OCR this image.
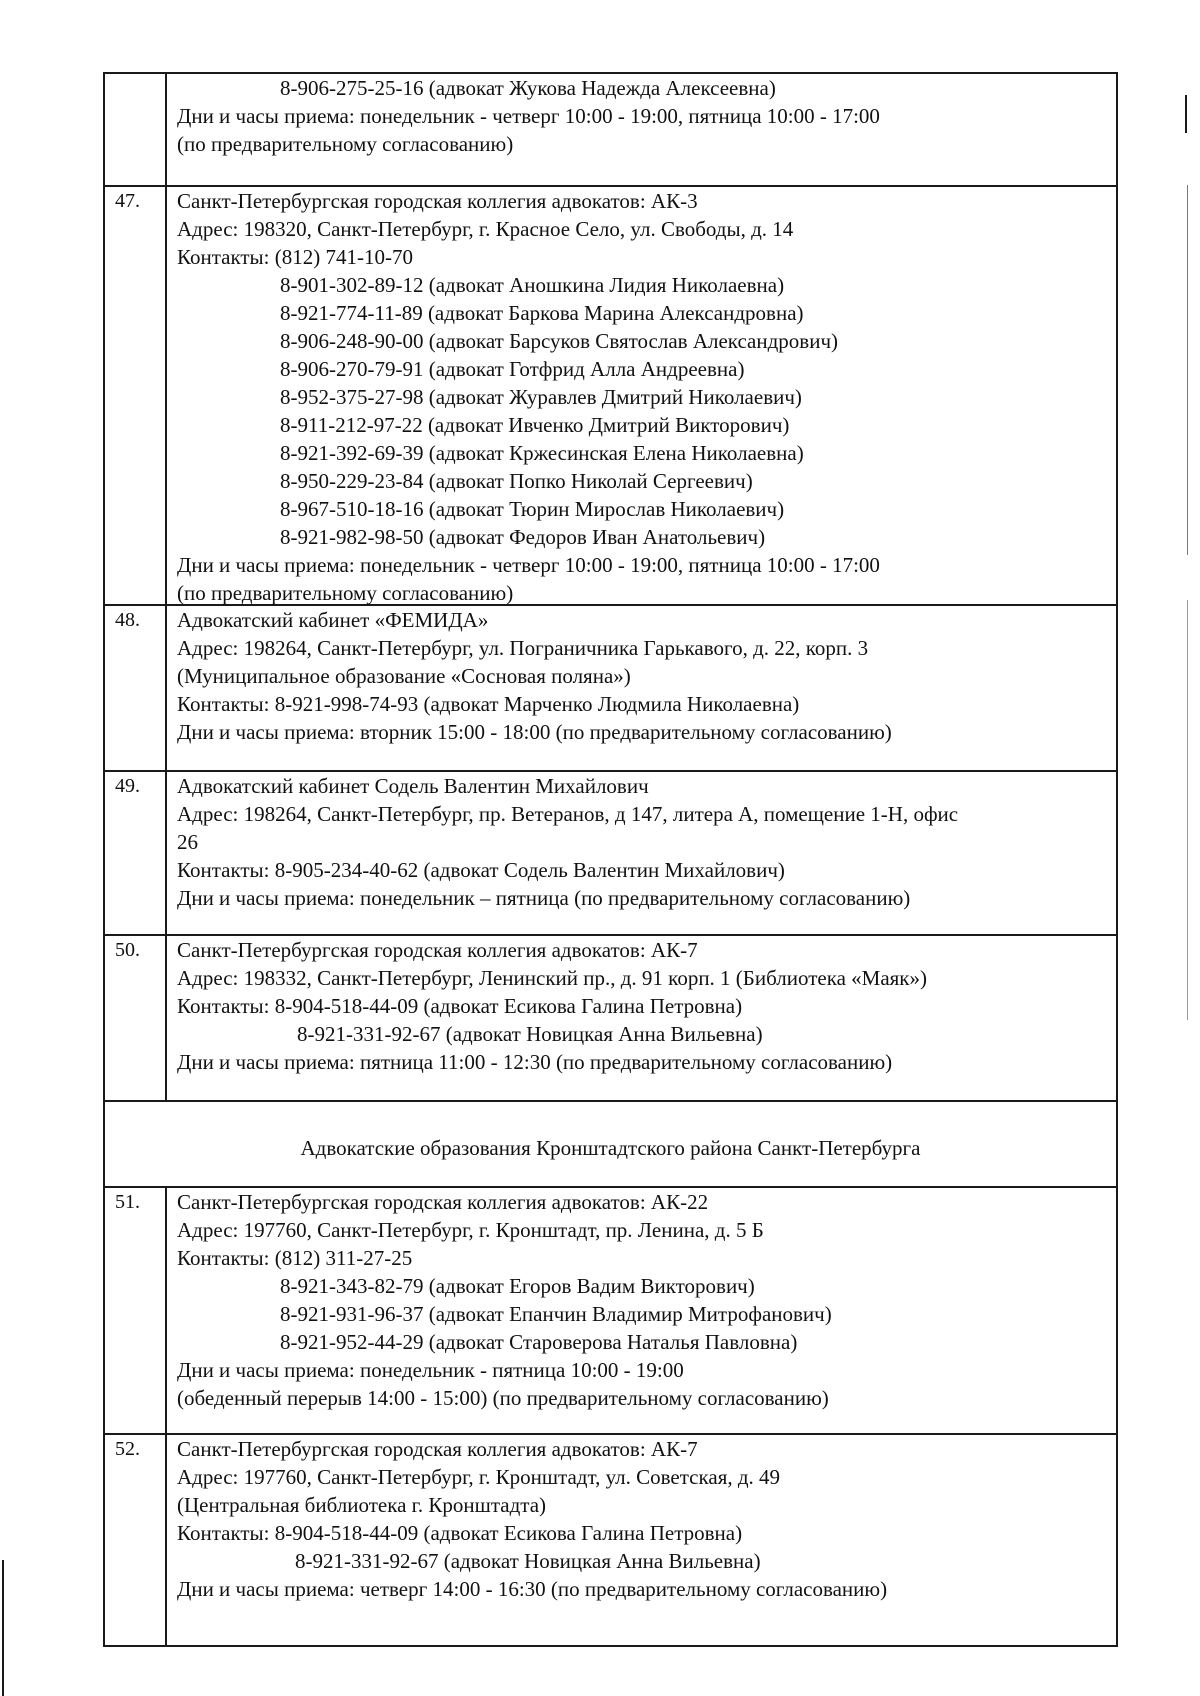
8-906-275-25-16 (адвокат Жукова Надежда Алексеевна)
Дни и часы приема: понедельник - четверг 10:00 - 19:00, пятница 10:00 - 17:00
(по предварительному согласованию)
47.	Санкт-Петербургская городская коллегия адвокатов: АК-3
Адрес: 198320, Санкт-Петербург, г. Красное Село, ул. Свободы, д. 14
Контакты: (812) 741-10-70
8-901-302-89-12 (адвокат Аношкина Лидия Николаевна)
8-921-774-11-89 (адвокат Баркова Марина Александровна)
8-906-248-90-00 (адвокат Барсуков Святослав Александрович)
8-906-270-79-91 (адвокат Готфрид Алла Андреевна)
8-952-375-27-98 (адвокат Журавлев Дмитрий Николаевич)
8-911-212-97-22 (адвокат Ивченко Дмитрий Викторович)
8-921-392-69-39 (адвокат Кржесинская Елена Николаевна)
8-950-229-23-84 (адвокат Попко Николай Сергеевич)
8-967-510-18-16 (адвокат Тюрин Мирослав Николаевич)
8-921-982-98-50 (адвокат Федоров Иван Анатольевич)
Дни и часы приема: понедельник - четверг 10:00 - 19:00, пятница 10:00 - 17:00
(по предварительному согласованию)
48.	Адвокатский кабинет «ФЕМИДА»
Адрес: 198264, Санкт-Петербург, ул. Пограничника Гарькавого, д. 22, корп. 3
(Муниципальное образование «Сосновая поляна»)
Контакты: 8-921-998-74-93 (адвокат Марченко Людмила Николаевна)
Дни и часы приема: вторник 15:00 - 18:00 (по предварительному согласованию)
49.	Адвокатский кабинет Содель Валентин Михайлович
Адрес: 198264, Санкт-Петербург, пр. Ветеранов, д 147, литера А, помещение 1-Н, офис
26
Контакты: 8-905-234-40-62 (адвокат Содель Валентин Михайлович)
Дни и часы приема: понедельник – пятница (по предварительному согласованию)
50.	Санкт-Петербургская городская коллегия адвокатов: АК-7
Адрес: 198332, Санкт-Петербург, Ленинский пр., д. 91 корп. 1 (Библиотека «Маяк»)
Контакты: 8-904-518-44-09 (адвокат Есикова Галина Петровна)
8-921-331-92-67 (адвокат Новицкая Анна Вильевна)
Дни и часы приема: пятница 11:00 - 12:30 (по предварительному согласованию)
Адвокатские образования Кронштадтского района Санкт-Петербурга
51.	Санкт-Петербургская городская коллегия адвокатов: АК-22
Адрес: 197760, Санкт-Петербург, г. Кронштадт, пр. Ленина, д. 5 Б
Контакты: (812) 311-27-25
8-921-343-82-79 (адвокат Егоров Вадим Викторович)
8-921-931-96-37 (адвокат Епанчин Владимир Митрофанович)
8-921-952-44-29 (адвокат Староверова Наталья Павловна)
Дни и часы приема: понедельник - пятница 10:00 - 19:00
(обеденный перерыв 14:00 - 15:00) (по предварительному согласованию)
52.	Санкт-Петербургская городская коллегия адвокатов: АК-7
Адрес: 197760, Санкт-Петербург, г. Кронштадт, ул. Советская, д. 49
(Центральная библиотека г. Кронштадта)
Контакты: 8-904-518-44-09 (адвокат Есикова Галина Петровна)
8-921-331-92-67 (адвокат Новицкая Анна Вильевна)
Дни и часы приема: четверг 14:00 - 16:30 (по предварительному согласованию)
